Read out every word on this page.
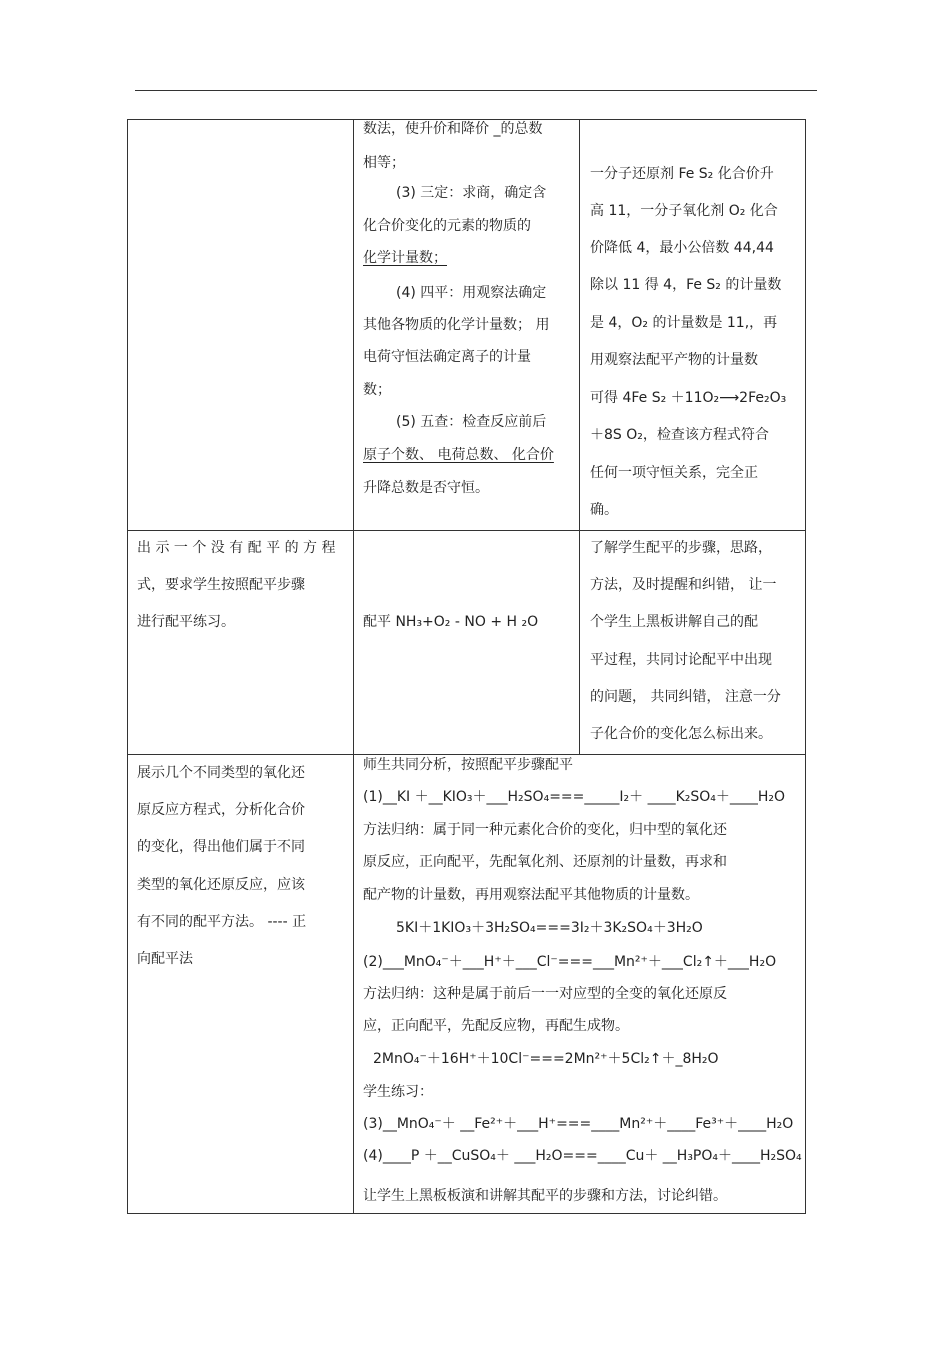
数法，使升价和降价 _的总数
相等；
(3) 三定：求商，确定含
化合价变化的元素的物质的
化学计量数；
(4) 四平：用观察法确定
其他各物质的化学计量数； 用
电荷守恒法确定离子的计量
数；
(5) 五查：检查反应前后
原子个数、 电荷总数、 化合价
升降总数是否守恒。
一分子还原剂 Fe S₂ 化合价升
高 11，一分子氧化剂 O₂ 化合
价降低 4，最小公倍数 44,44
除以 11 得 4，Fe S₂ 的计量数
是 4，O₂ 的计量数是 11,，再
用观察法配平产物的计量数
可得 4Fe S₂ ＋11O₂⟶2Fe₂O₃
＋8S O₂，检查该方程式符合
任何一项守恒关系，完全正
确。
出 示 一 个 没 有 配 平 的 方 程
式，要求学生按照配平步骤
进行配平练习。	配平 NH₃+O₂ - NO + H ₂O
了解学生配平的步骤，思路，
方法，及时提醒和纠错， 让一
个学生上黑板讲解自己的配
平过程，共同讨论配平中出现
的问题， 共同纠错， 注意一分
子化合价的变化怎么标出来。
展示几个不同类型的氧化还
原反应方程式，分析化合价
的变化，得出他们属于不同
类型的氧化还原反应，应该
有不同的配平方法。 ---- 正
向配平法
师生共同分析，按照配平步骤配平
(1)__KI ＋__KIO₃＋___H₂SO₄===_____I₂＋ ____K₂SO₄＋____H₂O
方法归纳：属于同一种元素化合价的变化，归中型的氧化还
原反应，正向配平，先配氧化剂、还原剂的计量数，再求和
配产物的计量数，再用观察法配平其他物质的计量数。
5KI＋1KIO₃＋3H₂SO₄===3I₂＋3K₂SO₄＋3H₂O
(2)___MnO₄⁻＋___H⁺＋___Cl⁻===___Mn²⁺＋___Cl₂↑＋___H₂O
方法归纳：这种是属于前后一一对应型的全变的氧化还原反
应，正向配平，先配反应物，再配生成物。
2MnO₄⁻＋16H⁺＋10Cl⁻===2Mn²⁺＋5Cl₂↑＋_8H₂O
学生练习：
(3)__MnO₄⁻＋ __Fe²⁺＋___H⁺===____Mn²⁺＋____Fe³⁺＋____H₂O
(4)____P ＋__CuSO₄＋ ___H₂O===____Cu＋ __H₃PO₄＋____H₂SO₄
让学生上黑板板演和讲解其配平的步骤和方法，讨论纠错。
